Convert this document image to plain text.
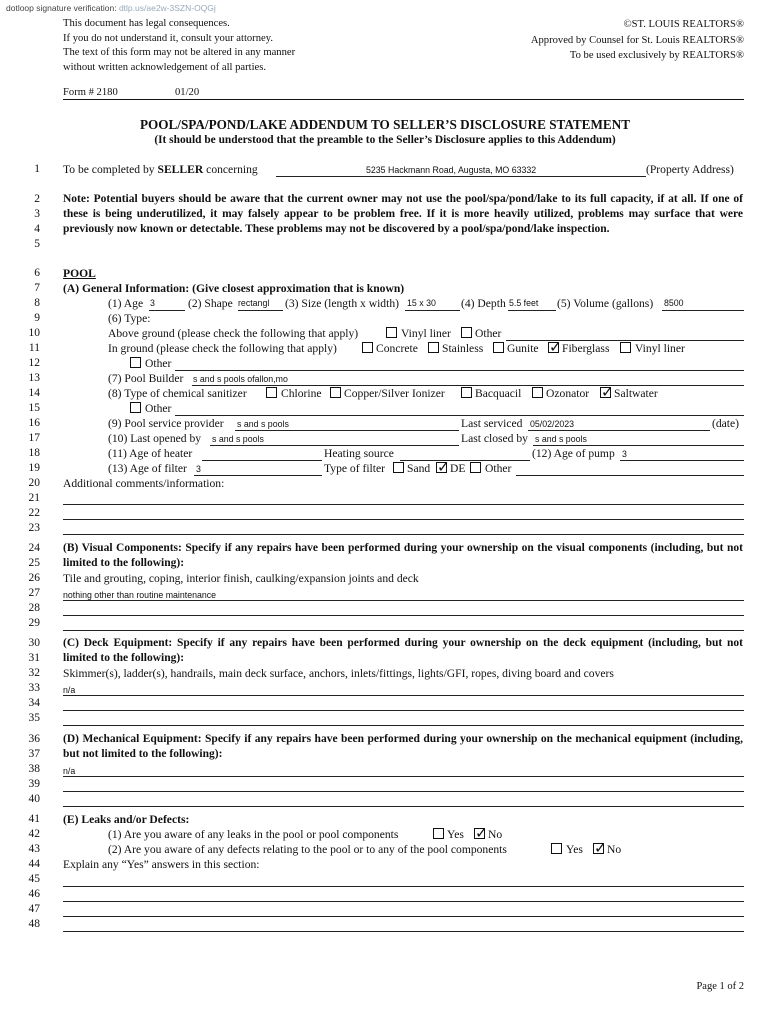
dotloop signature verification: dtlp.us/ae2w-3SZN-OQGj
This document has legal consequences.
If you do not understand it, consult your attorney.
The text of this form may not be altered in any manner
without written acknowledgement of all parties.
©ST. LOUIS REALTORS®
Approved by Counsel for St. Louis REALTORS®
To be used exclusively by REALTORS®
Form # 2180	01/20
POOL/SPA/POND/LAKE ADDENDUM TO SELLER’S DISCLOSURE STATEMENT
(It should be understood that the preamble to the Seller’s Disclosure applies to this Addendum)
1
2
3
4
5
6
7
8
9
10
11
12
13
14
15
16
17
18
19
20
21
22
23
24
25
26
27
28
29
30
31
32
33
34
35
36
37
38
39
40
41
42
43
44
45
46
47
48
To be completed by SELLER concerning	5235 Hackmann Road, Augusta, MO 63332	(Property Address)
Note: Potential buyers should be aware that the current owner may not use the pool/spa/pond/lake to its full capacity, if at all. If one of these is being underutilized, it may falsely appear to be problem free. If it is more heavily utilized, problems may surface that were previously now known or detectable. These problems may not be discovered by a pool/spa/pond/lake inspection.
POOL
(A) General Information: (Give closest approximation that is known)
(1) Age 3	(2) Shape rectangl (3) Size (length x width) 15 x 30 (4) Depth 5.5 feet (5) Volume (gallons) 8500
(6) Type:
Above ground (please check the following that apply)	Vinyl liner Other
In ground (please check the following that apply)	Concrete Stainless Gunite ✓ Fiberglass Vinyl liner
Other
(7) Pool Builder s and s pools ofallon,mo
(8) Type of chemical sanitizer	Chlorine Copper/Silver Ionizer	Bacquacil Ozonator ✓ Saltwater
Other
(9) Pool service provider s and s pools	Last serviced 05/02/2023	(date)
(10) Last opened by s and s pools	Last closed by s and s pools
(11) Age of heater	Heating source	(12) Age of pump 3
(13) Age of filter 3	Type of filter Sand ✓ DE Other
Additional comments/information:
(B) Visual Components: Specify if any repairs have been performed during your ownership on the visual components (including, but not limited to the following):
Tile and grouting, coping, interior finish, caulking/expansion joints and deck
nothing other than routine maintenance
(C) Deck Equipment: Specify if any repairs have been performed during your ownership on the deck equipment (including, but not limited to the following):
Skimmer(s), ladder(s), handrails, main deck surface, anchors, inlets/fittings, lights/GFI, ropes, diving board and covers
n/a
(D) Mechanical Equipment: Specify if any repairs have been performed during your ownership on the mechanical equipment (including, but not limited to the following):
n/a
(E) Leaks and/or Defects:
(1) Are you aware of any leaks in the pool or pool components	Yes ✓ No
(2) Are you aware of any defects relating to the pool or to any of the pool components	Yes ✓ No
Explain any “Yes” answers in this section:
Page 1 of 2
